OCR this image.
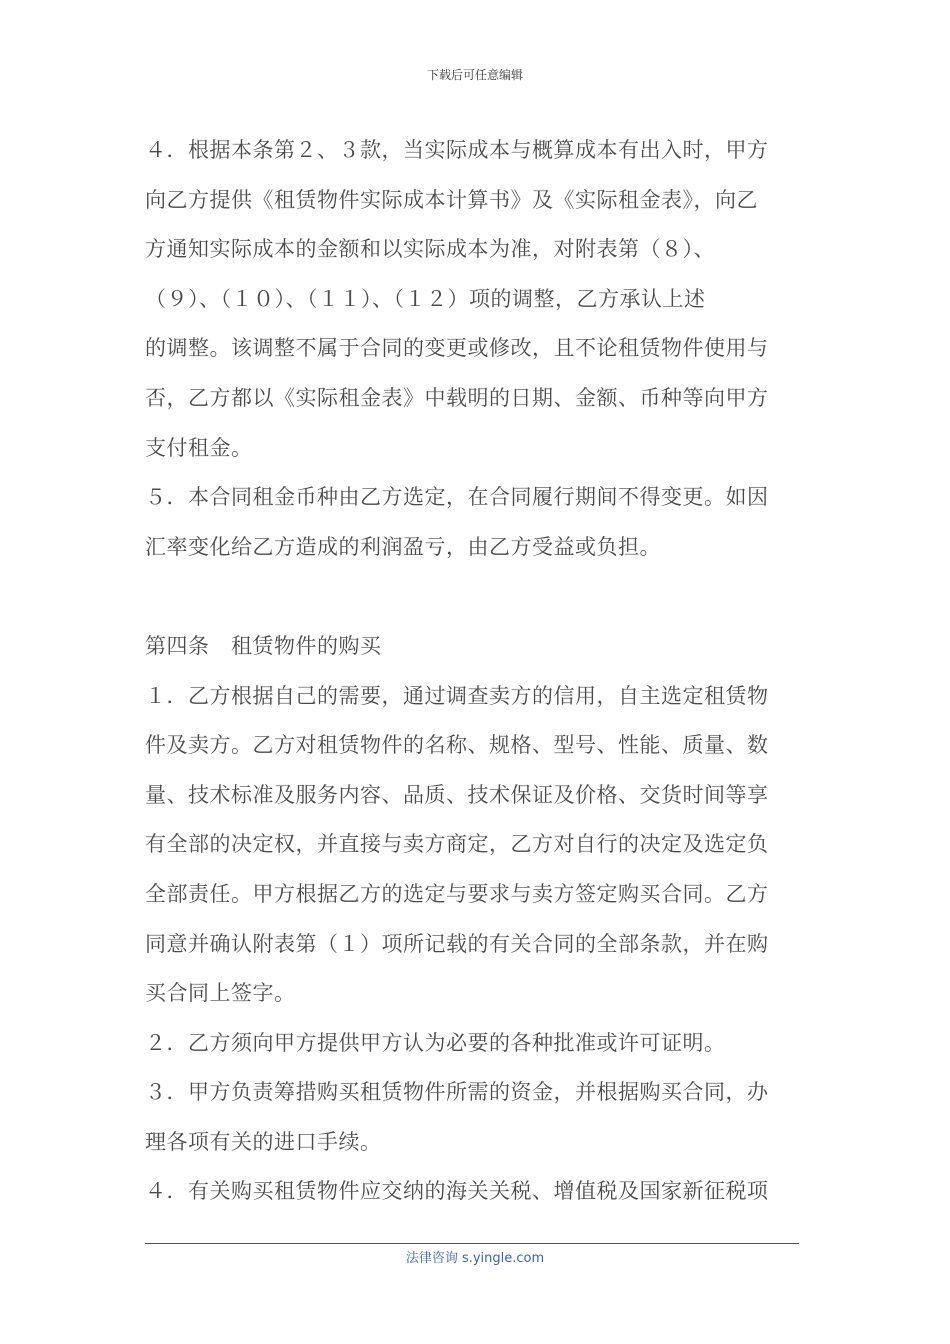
下载后可任意编辑
４．根据本条第２、３款，当实际成本与概算成本有出入时，甲方
向乙方提供《租赁物件实际成本计算书》及《实际租金表》，向乙
方通知实际成本的金额和以实际成本为准，对附表第（８）、
（９）、（１０）、（１１）、（１２）项的调整，乙方承认上述
的调整。该调整不属于合同的变更或修改，且不论租赁物件使用与
否，乙方都以《实际租金表》中载明的日期、金额、币种等向甲方
支付租金。
５．本合同租金币种由乙方选定，在合同履行期间不得变更。如因
汇率变化给乙方造成的利润盈亏，由乙方受益或负担。
第四条　租赁物件的购买
１．乙方根据自己的需要，通过调查卖方的信用，自主选定租赁物
件及卖方。乙方对租赁物件的名称、规格、型号、性能、质量、数
量、技术标准及服务内容、品质、技术保证及价格、交货时间等享
有全部的决定权，并直接与卖方商定，乙方对自行的决定及选定负
全部责任。甲方根据乙方的选定与要求与卖方签定购买合同。乙方
同意并确认附表第（１）项所记载的有关合同的全部条款，并在购
买合同上签字。
２．乙方须向甲方提供甲方认为必要的各种批准或许可证明。
３．甲方负责筹措购买租赁物件所需的资金，并根据购买合同，办
理各项有关的进口手续。
４．有关购买租赁物件应交纳的海关关税、增值税及国家新征税项
法律咨询 s.yingle.com
